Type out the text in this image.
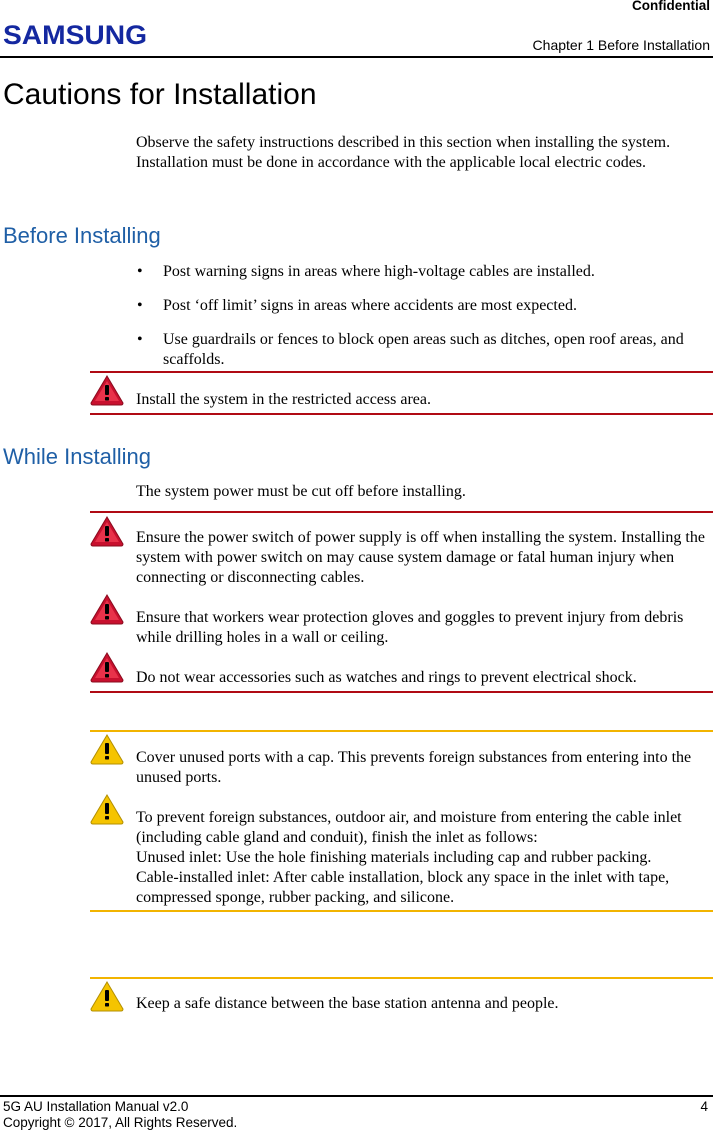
Confidential
SAMSUNG	Chapter 1 Before Installation
Cautions for Installation
Observe the safety instructions described in this section when installing the system. Installation must be done in accordance with the applicable local electric codes.
Before Installing
• Post warning signs in areas where high-voltage cables are installed.
• Post ‘off limit’ signs in areas where accidents are most expected.
• Use guardrails or fences to block open areas such as ditches, open roof areas, and scaffolds.
Install the system in the restricted access area.
While Installing
The system power must be cut off before installing.
Ensure the power switch of power supply is off when installing the system. Installing the system with power switch on may cause system damage or fatal human injury when connecting or disconnecting cables.
Ensure that workers wear protection gloves and goggles to prevent injury from debris while drilling holes in a wall or ceiling.
Do not wear accessories such as watches and rings to prevent electrical shock.
Cover unused ports with a cap. This prevents foreign substances from entering into the unused ports.
To prevent foreign substances, outdoor air, and moisture from entering the cable inlet (including cable gland and conduit), finish the inlet as follows:
Unused inlet: Use the hole finishing materials including cap and rubber packing.
Cable-installed inlet: After cable installation, block any space in the inlet with tape, compressed sponge, rubber packing, and silicone.
Keep a safe distance between the base station antenna and people.
5G AU Installation Manual v2.0	4
Copyright © 2017, All Rights Reserved.
